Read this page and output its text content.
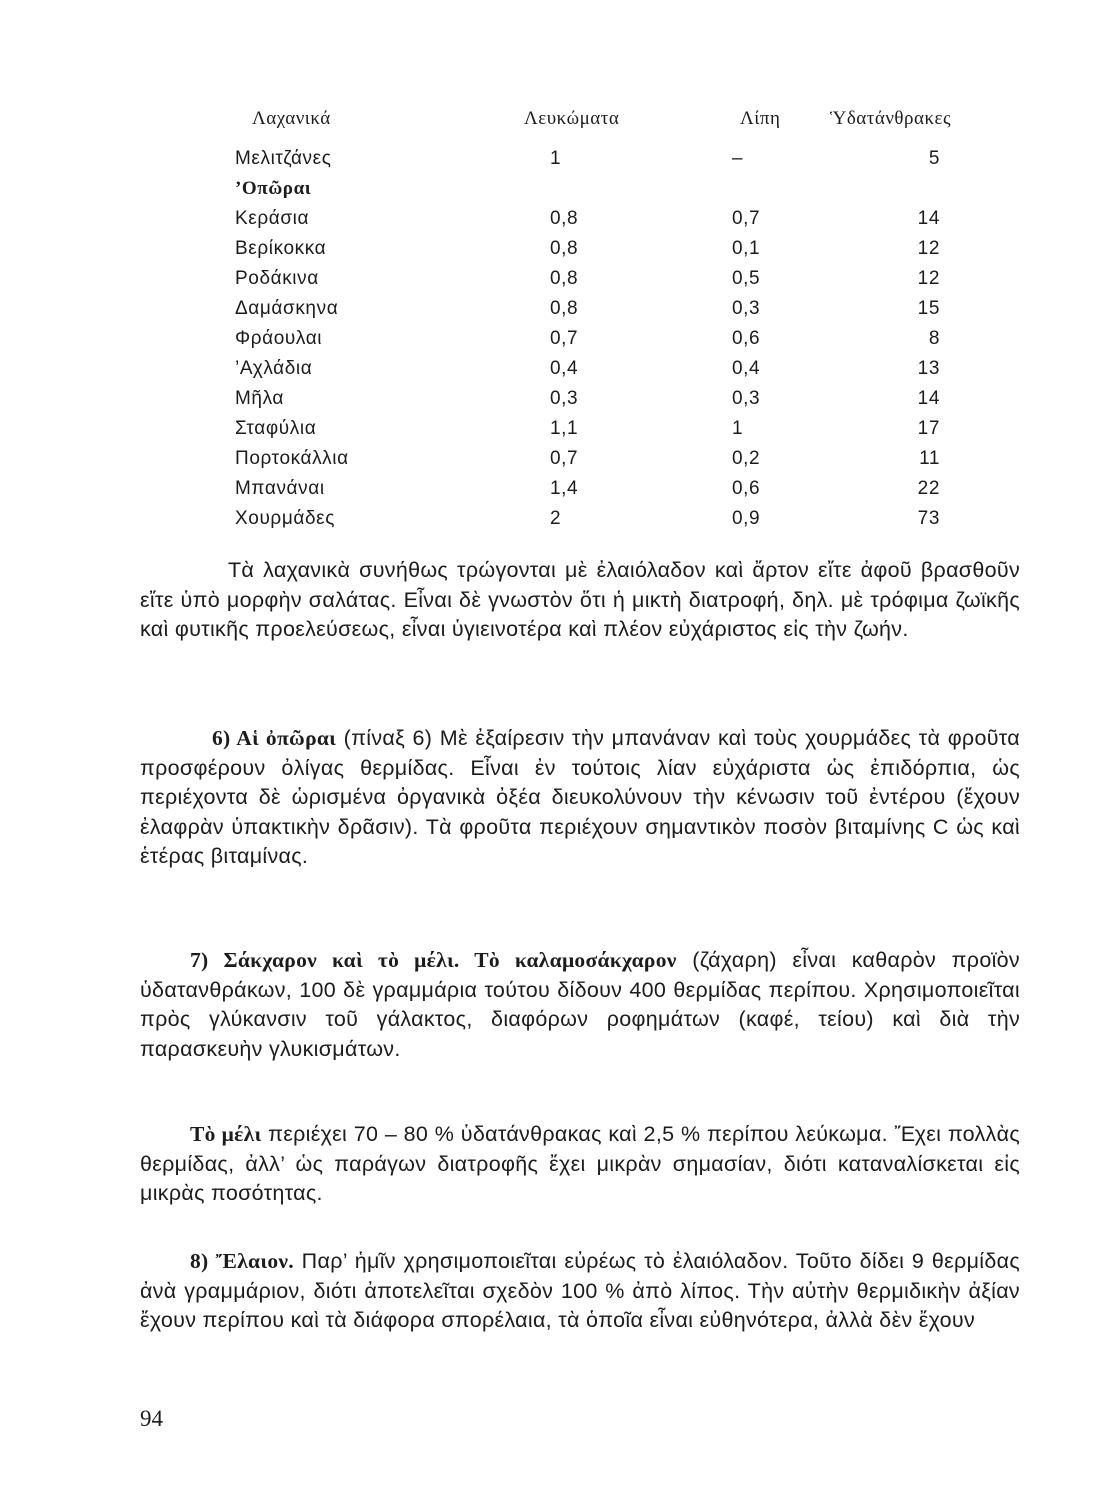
Λαχανικά	Λευκώματα	Λίπη	Ὑδατάνθρακες
Μελιτζάνες	1	–	5
’Οπῶραι
Κεράσια	0,8	0,7	14
Βερίκοκκα	0,8	0,1	12
Ροδάκινα	0,8	0,5	12
Δαμάσκηνα	0,8	0,3	15
Φράουλαι	0,7	0,6	8
’Αχλάδια	0,4	0,4	13
Μῆλα	0,3	0,3	14
Σταφύλια	1,1	1	17
Πορτοκάλλια	0,7	0,2	11
Μπανάναι	1,4	0,6	22
Χουρμάδες	2	0,9	73

Τὰ λαχανικὰ συνήθως τρώγονται μὲ ἐλαιόλαδον καὶ ἄρτον εἴτε ἀφοῦ βρασθοῦν εἴτε ὑπὸ μορφὴν σαλάτας. Εἶναι δὲ γνωστὸν ὅτι ἡ μικτὴ διατροφή, δηλ. μὲ τρόφιμα ζωϊκῆς καὶ φυτικῆς προελεύσεως, εἶναι ὑγιεινοτέρα καὶ πλέον εὐχάριστος εἰς τὴν ζωήν.

6) Αἱ ὀπῶραι (πίναξ 6) Μὲ ἐξαίρεσιν τὴν μπανάναν καὶ τοὺς χουρμάδες τὰ φροῦτα προσφέρουν ὀλίγας θερμίδας. Εἶναι ἐν τούτοις λίαν εὐχάριστα ὡς ἐπιδόρπια, ὡς περιέχοντα δὲ ὡρισμένα ὀργανικὰ ὀξέα διευκολύνουν τὴν κένωσιν τοῦ ἐντέρου (ἔχουν ἐλαφρὰν ὑπακτικὴν δρᾶσιν). Τὰ φροῦτα περιέχουν σημαντικὸν ποσὸν βιταμίνης C ὡς καὶ ἑτέρας βιταμίνας.

7) Σάκχαρον καὶ τὸ μέλι. Τὸ καλαμοσάκχαρον (ζάχαρη) εἶναι καθαρὸν προϊὸν ὑδατανθράκων, 100 δὲ γραμμάρια τούτου δίδουν 400 θερμίδας περίπου. Χρησιμοποιεῖται πρὸς γλύκανσιν τοῦ γάλακτος, διαφόρων ροφημάτων (καφέ, τείου) καὶ διὰ τὴν παρασκευὴν γλυκισμάτων.

Τὸ μέλι περιέχει 70 – 80 % ὑδατάνθρακας καὶ 2,5 % περίπου λεύκωμα. Ἔχει πολλὰς θερμίδας, ἀλλ’ ὡς παράγων διατροφῆς ἔχει μικρὰν σημασίαν, διότι καταναλίσκεται εἰς μικρὰς ποσότητας.

8) Ἔλαιον. Παρ’ ἡμῖν χρησιμοποιεῖται εὐρέως τὸ ἐλαιόλαδον. Τοῦτο δίδει 9 θερμίδας ἀνὰ γραμμάριον, διότι ἀποτελεῖται σχεδὸν 100 % ἀπὸ λίπος. Τὴν αὐτὴν θερμιδικὴν ἀξίαν ἔχουν περίπου καὶ τὰ διάφορα σπορέλαια, τὰ ὁποῖα εἶναι εὐθηνότερα, ἀλλὰ δὲν ἔχουν

94
